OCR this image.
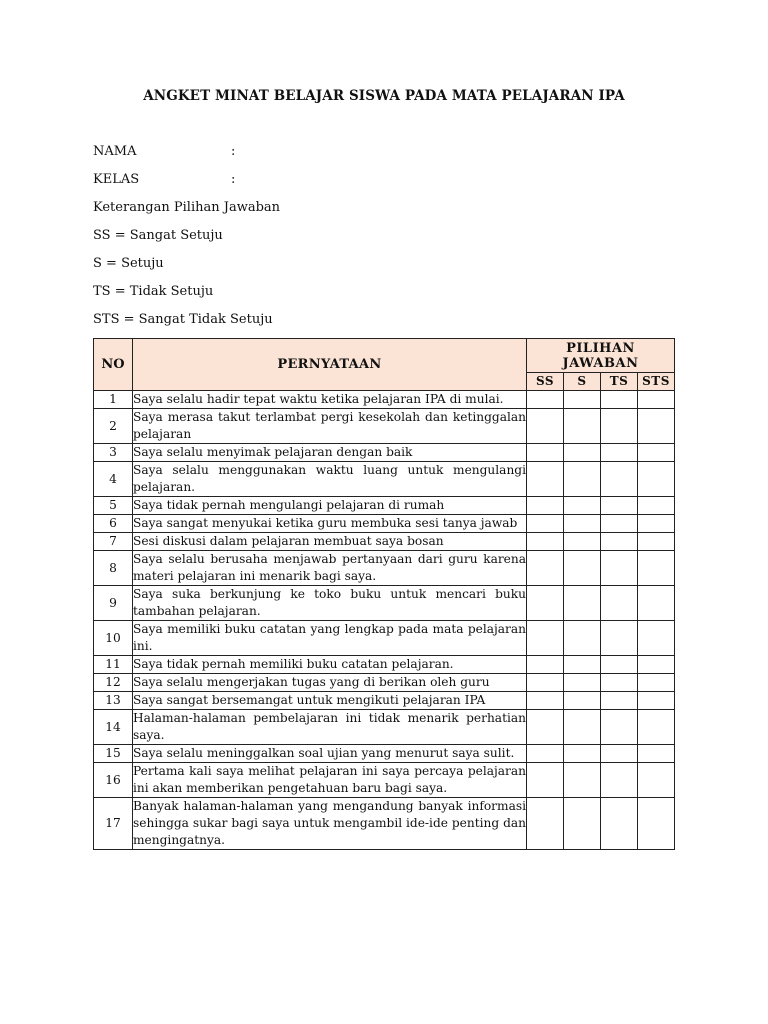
ANGKET MINAT BELAJAR SISWA PADA MATA PELAJARAN IPA
NAMA	:
KELAS	:
Keterangan Pilihan Jawaban
SS = Sangat Setuju
S = Setuju
TS = Tidak Setuju
STS = Sangat Tidak Setuju
NO	PERNYATAAN	PILIHAN JAWABAN			
		SS	S	TS	STS
1	Saya selalu hadir tepat waktu ketika pelajaran IPA di mulai.				
2	Saya merasa takut terlambat pergi kesekolah dan ketinggalan pelajaran				
3	Saya selalu menyimak pelajaran dengan baik				
4	Saya selalu menggunakan waktu luang untuk mengulangi pelajaran.				
5	Saya tidak pernah mengulangi pelajaran di rumah				
6	Saya sangat menyukai ketika guru membuka sesi tanya jawab				
7	Sesi diskusi dalam pelajaran membuat saya bosan				
8	Saya selalu berusaha menjawab pertanyaan dari guru karena materi pelajaran ini menarik bagi saya.				
9	Saya suka berkunjung ke toko buku untuk mencari buku tambahan pelajaran.				
10	Saya memiliki buku catatan yang lengkap pada mata pelajaran ini.				
11	Saya tidak pernah memiliki buku catatan pelajaran.				
12	Saya selalu mengerjakan tugas yang di berikan oleh guru				
13	Saya sangat bersemangat untuk mengikuti pelajaran IPA				
14	Halaman-halaman pembelajaran ini tidak menarik perhatian saya.				
15	Saya selalu meninggalkan soal ujian yang menurut saya sulit.				
16	Pertama kali saya melihat pelajaran ini saya percaya pelajaran ini akan memberikan pengetahuan baru bagi saya.				
17	Banyak halaman-halaman yang mengandung banyak informasi sehingga sukar bagi saya untuk mengambil ide-ide penting dan mengingatnya.				
